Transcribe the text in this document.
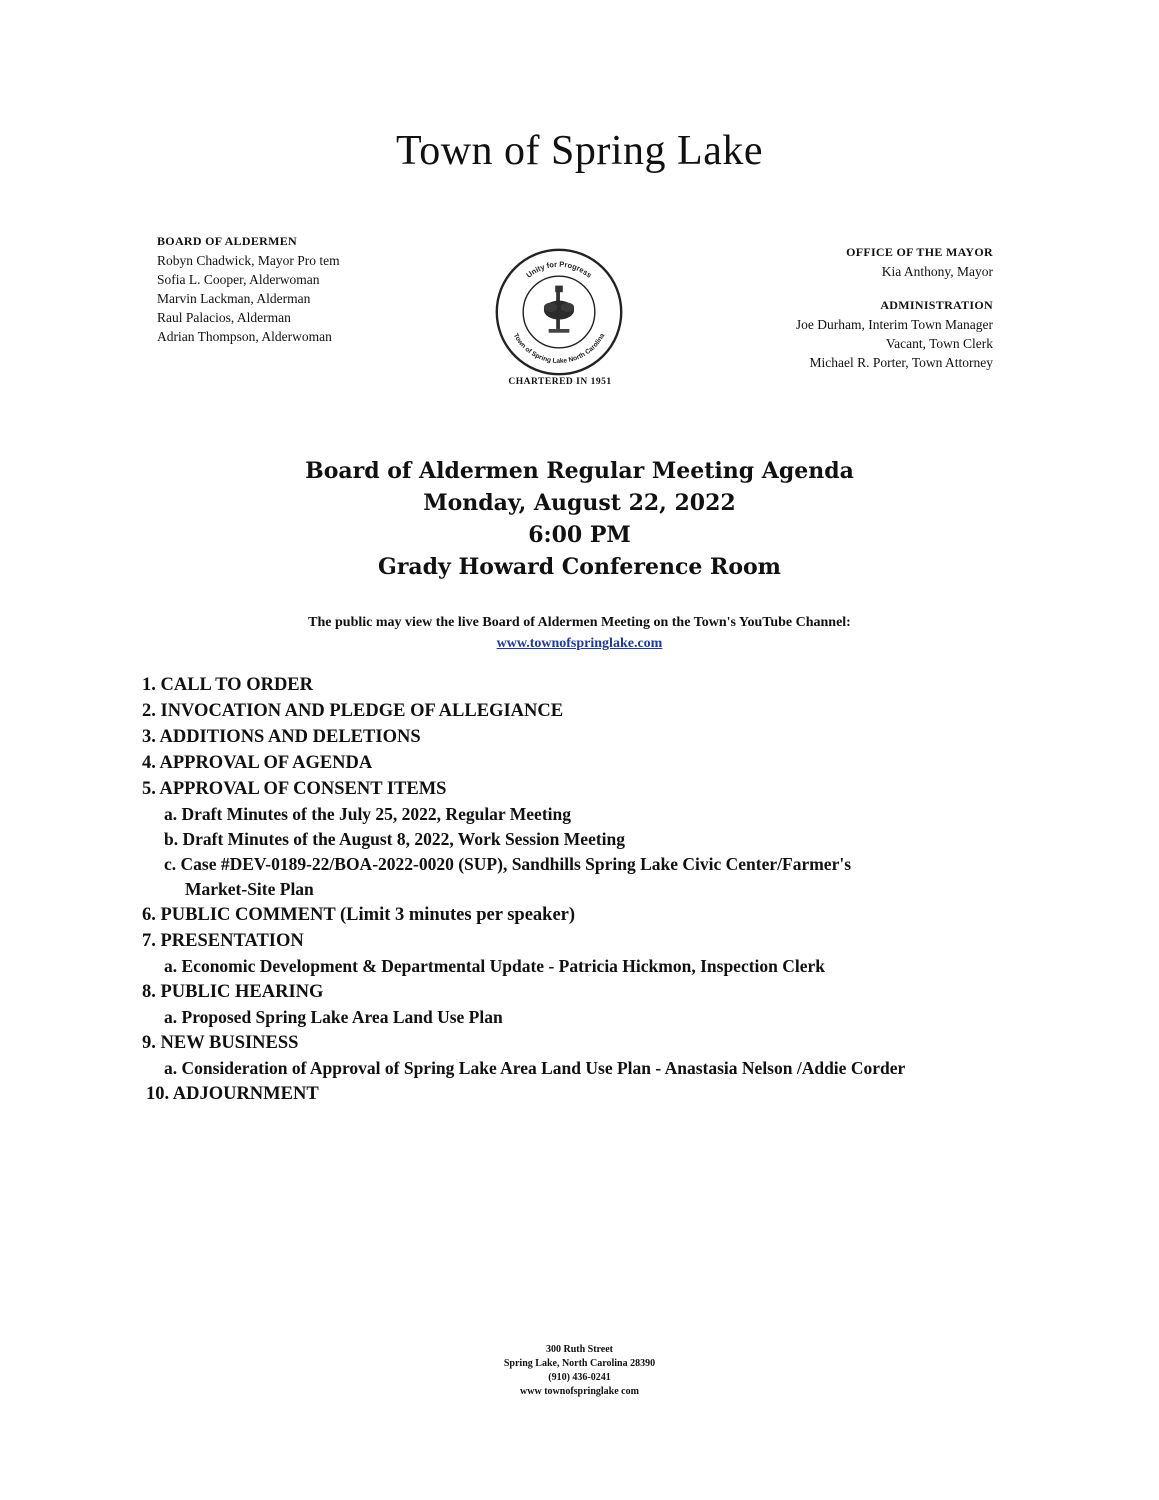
Town of Spring Lake
BOARD OF ALDERMEN
Robyn Chadwick, Mayor Pro tem
Sofia L. Cooper, Alderwoman
Marvin Lackman, Alderman
Raul Palacios, Alderman
Adrian Thompson, Alderwoman
Unity for Progress
Town of Spring Lake North Carolina
CHARTERED IN 1951
OFFICE OF THE MAYOR
Kia Anthony, Mayor
ADMINISTRATION
Joe Durham, Interim Town Manager
Vacant, Town Clerk
Michael R. Porter, Town Attorney
Board of Aldermen Regular Meeting Agenda
Monday, August 22, 2022
6:00 PM
Grady Howard Conference Room
The public may view the live Board of Aldermen Meeting on the Town's YouTube Channel:
www.townofspringlake.com
1. CALL TO ORDER
2. INVOCATION AND PLEDGE OF ALLEGIANCE
3. ADDITIONS AND DELETIONS
4. APPROVAL OF AGENDA
5. APPROVAL OF CONSENT ITEMS
a. Draft Minutes of the July 25, 2022, Regular Meeting
b. Draft Minutes of the August 8, 2022, Work Session Meeting
c. Case #DEV-0189-22/BOA-2022-0020 (SUP), Sandhills Spring Lake Civic Center/Farmer's
Market-Site Plan
6. PUBLIC COMMENT (Limit 3 minutes per speaker)
7. PRESENTATION
a. Economic Development & Departmental Update - Patricia Hickmon, Inspection Clerk
8. PUBLIC HEARING
a. Proposed Spring Lake Area Land Use Plan
9. NEW BUSINESS
a. Consideration of Approval of Spring Lake Area Land Use Plan - Anastasia Nelson /Addie Corder
10. ADJOURNMENT
300 Ruth Street
Spring Lake, North Carolina 28390
(910) 436-0241
www townofspringlake com
